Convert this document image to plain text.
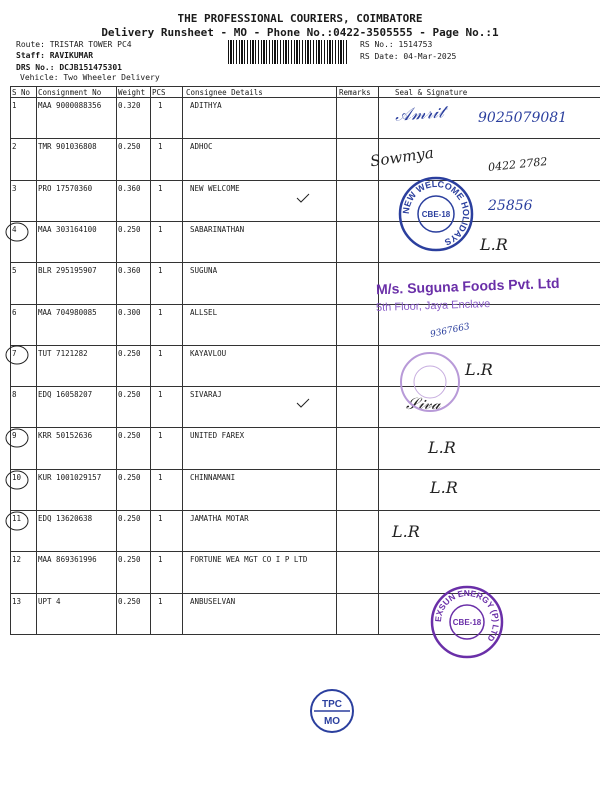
THE PROFESSIONAL COURIERS, COIMBATORE
Delivery Runsheet - MO - Phone No.:0422-3505555 - Page No.:1
Route: TRISTAR TOWER PC4
Staff: RAVIKUMAR
DRS No.: DCJB151475301
Vehicle: Two Wheeler Delivery
RS No.: 1514753
RS Date: 04-Mar-2025
S No Consignment No Weight PCS	Consignee Details	Remarks	Seal & Signature
1	MAA 9000088356 0.320 1	ADITHYA
2	TMR 901036808	0.250 1	ADHOC
3	PRO 17570360	0.360 1	NEW WELCOME
4	MAA 303164100	0.250 1	SABARINATHAN
5	BLR 295195907	0.360 1	SUGUNA
6	MAA 704980085	0.300 1	ALLSEL
7	TUT 7121282	0.250 1	KAYAVLOU
8	EDQ 16058207	0.250 1	SIVARAJ
9	KRR 50152636	0.250 1	UNITED FAREX
10 KUR 1001029157 0.250 1	CHINNAMANI
11 EDQ 13620638	0.250 1	JAMATHA MOTAR
12 MAA 869361996	0.250 1	FORTUNE WEA MGT CO I P LTD
13 UPT 4	0.250 1	ANBUSELVAN
𝒜𝓂𝓇𝒾𝓉 9025079081
Sowmya	0422 2782
25856
M/s. Suguna Foods Pvt. Ltd
5th Floor, Jaya Enclave
9367663
L.R
L.R
𝒮𝒾𝓋𝒶
L.R
L.R
L.R
NEW WELCOME HOLIDAYS
CBE-18
EXSUN ENERGY (P) LTD
CBE-18
TPC
MO
